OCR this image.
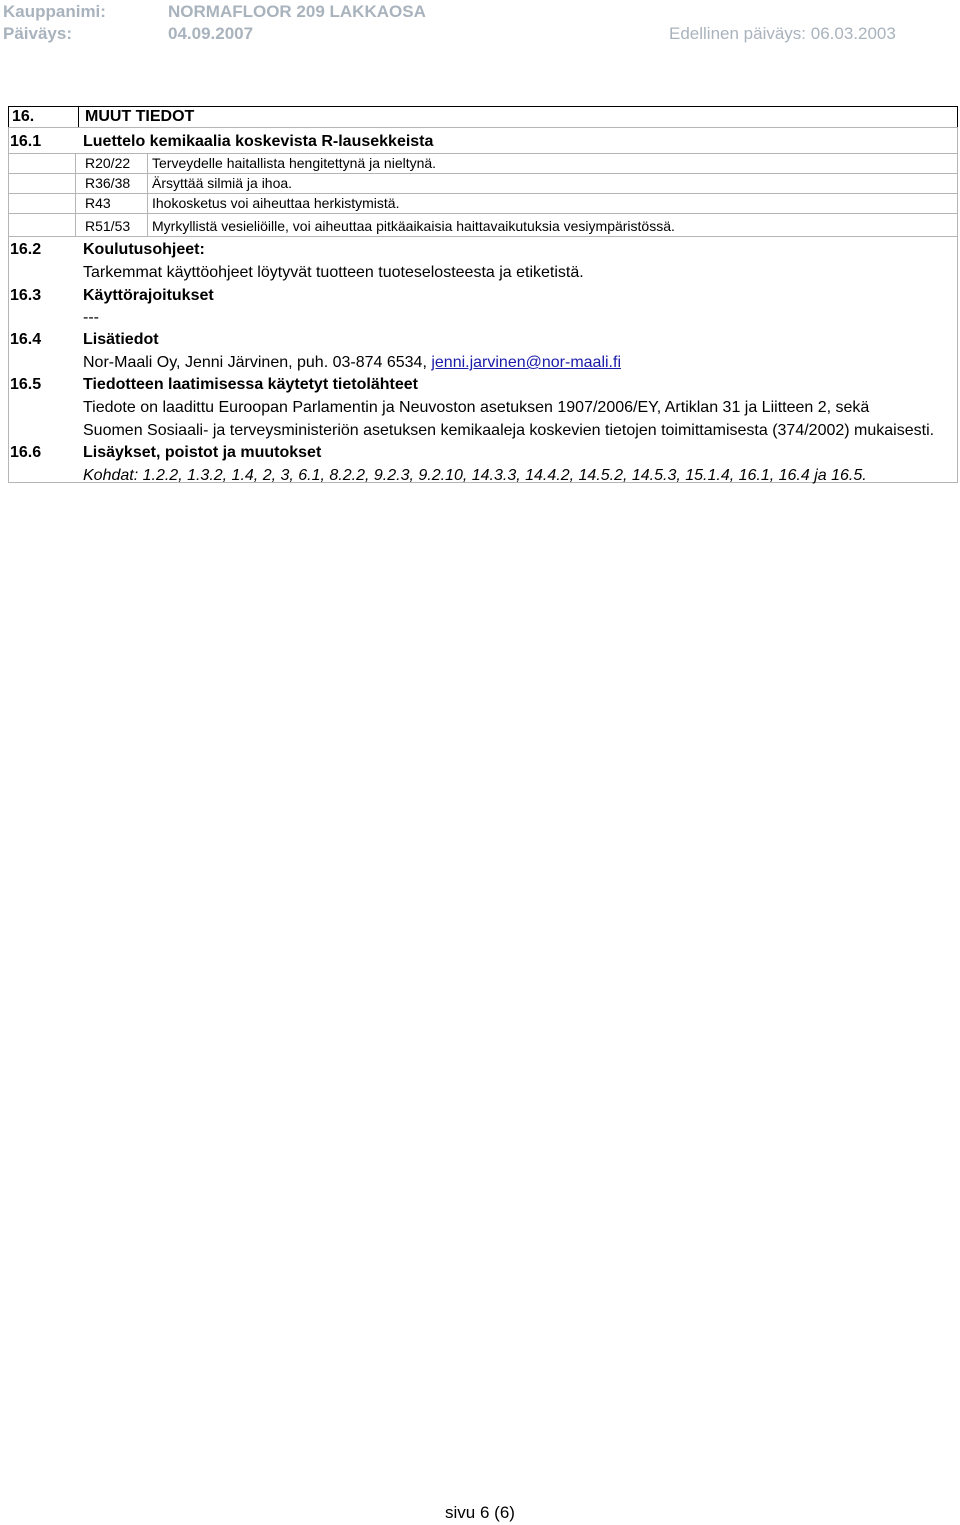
Kauppanimi:	NORMAFLOOR 209 LAKKAOSA
Päiväys:	04.09.2007	Edellinen päiväys: 06.03.2003
16.	MUUT TIEDOT
16.1	Luettelo kemikaalia koskevista R-lausekkeista
R20/22 Terveydelle haitallista hengitettynä ja nieltynä.
R36/38 Ärsyttää silmiä ja ihoa.
R43	Ihokosketus voi aiheuttaa herkistymistä.
R51/53 Myrkyllistä vesieliöille, voi aiheuttaa pitkäaikaisia haittavaikutuksia vesiympäristössä.
16.2	Koulutusohjeet:
Tarkemmat käyttöohjeet löytyvät tuotteen tuoteselosteesta ja etiketistä.
16.3	Käyttörajoitukset
---
16.4	Lisätiedot
Nor-Maali Oy, Jenni Järvinen, puh. 03-874 6534, jenni.jarvinen@nor-maali.fi
16.5	Tiedotteen laatimisessa käytetyt tietolähteet
Tiedote on laadittu Euroopan Parlamentin ja Neuvoston asetuksen 1907/2006/EY, Artiklan 31 ja Liitteen 2, sekä
Suomen Sosiaali- ja terveysministeriön asetuksen kemikaaleja koskevien tietojen toimittamisesta (374/2002) mukaisesti.
16.6	Lisäykset, poistot ja muutokset
Kohdat: 1.2.2, 1.3.2, 1.4, 2, 3, 6.1, 8.2.2, 9.2.3, 9.2.10, 14.3.3, 14.4.2, 14.5.2, 14.5.3, 15.1.4, 16.1, 16.4 ja 16.5.
sivu 6 (6)
